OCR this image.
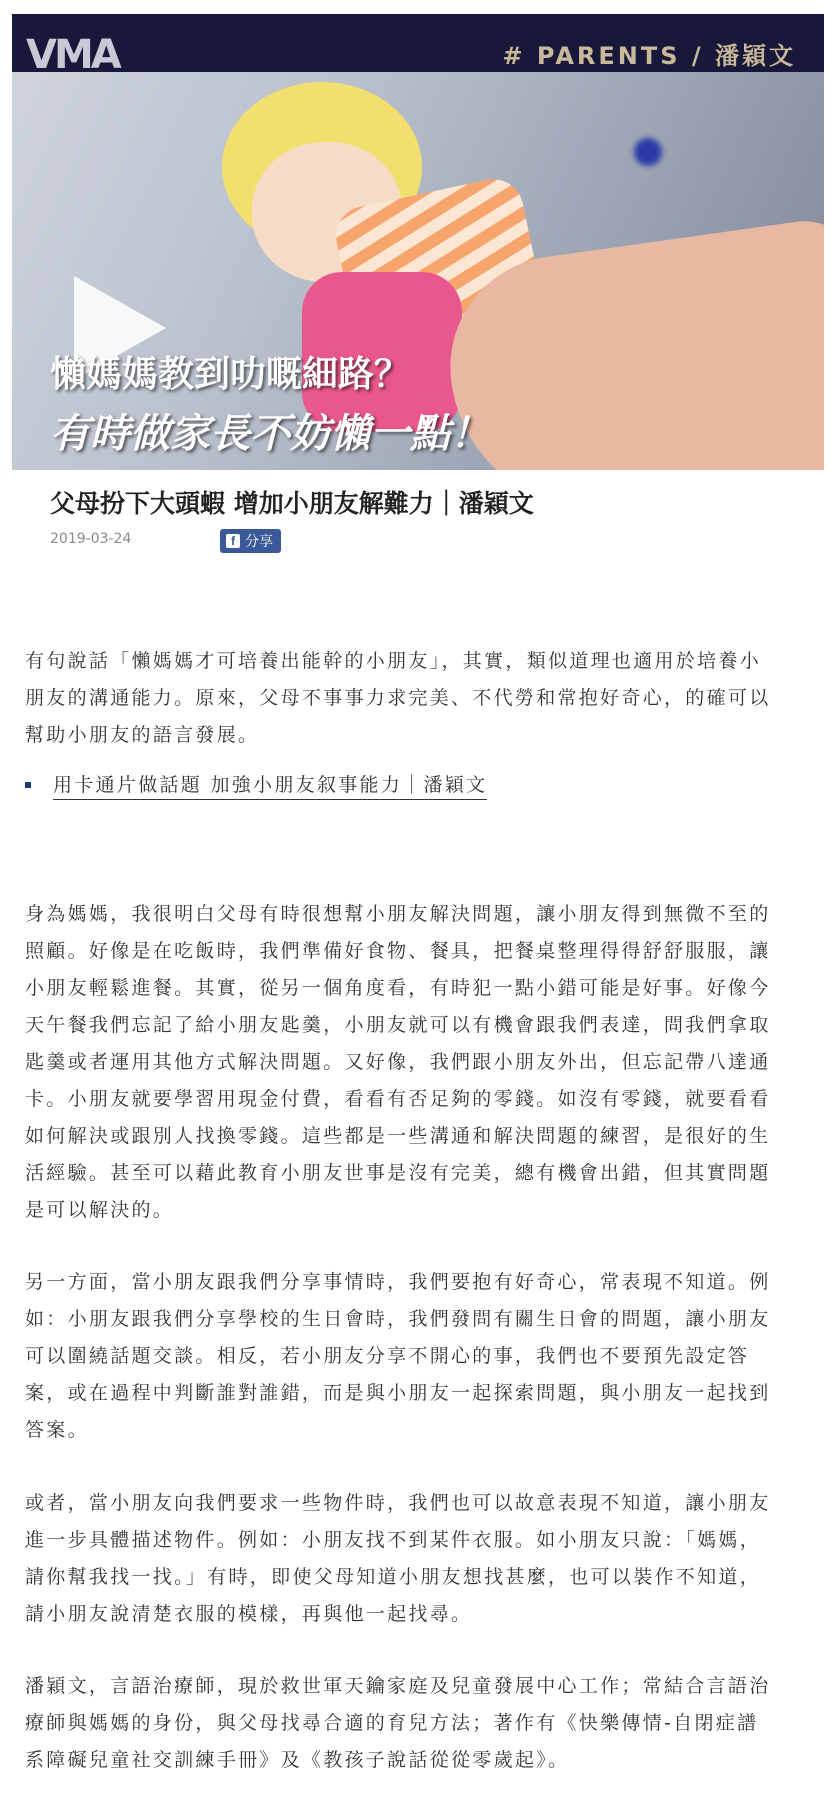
VMA	# PARENTS / 潘穎文
懶媽媽教到叻嘅細路？
有時做家長不妨懶一點！
父母扮下大頭蝦 增加小朋友解難力｜潘穎文
2019-03-24	f 分享
有句說話「懶媽媽才可培養出能幹的小朋友」，其實，類似道理也適用於培養小朋友的溝通能力。原來，父母不事事力求完美、不代勞和常抱好奇心，的確可以幫助小朋友的語言發展。
用卡通片做話題 加強小朋友叙事能力｜潘穎文
身為媽媽，我很明白父母有時很想幫小朋友解決問題，讓小朋友得到無微不至的照顧。好像是在吃飯時，我們準備好食物、餐具，把餐桌整理得得舒舒服服，讓小朋友輕鬆進餐。其實，從另一個角度看，有時犯一點小錯可能是好事。好像今天午餐我們忘記了給小朋友匙羹，小朋友就可以有機會跟我們表達，問我們拿取匙羹或者運用其他方式解決問題。又好像，我們跟小朋友外出，但忘記帶八達通卡。小朋友就要學習用現金付費，看看有否足夠的零錢。如沒有零錢，就要看看如何解決或跟別人找換零錢。這些都是一些溝通和解決問題的練習，是很好的生活經驗。甚至可以藉此教育小朋友世事是沒有完美，總有機會出錯，但其實問題是可以解決的。
另一方面，當小朋友跟我們分享事情時，我們要抱有好奇心，常表現不知道。例如：小朋友跟我們分享學校的生日會時，我們發問有關生日會的問題，讓小朋友可以圍繞話題交談。相反，若小朋友分享不開心的事，我們也不要預先設定答案，或在過程中判斷誰對誰錯，而是與小朋友一起探索問題，與小朋友一起找到答案。
或者，當小朋友向我們要求一些物件時，我們也可以故意表現不知道，讓小朋友進一步具體描述物件。例如：小朋友找不到某件衣服。如小朋友只說：「媽媽，請你幫我找一找。」有時，即使父母知道小朋友想找甚麼，也可以裝作不知道，請小朋友說清楚衣服的模樣，再與他一起找尋。
潘穎文，言語治療師，現於救世軍天鑰家庭及兒童發展中心工作；常結合言語治療師與媽媽的身份，與父母找尋合適的育兒方法；著作有《快樂傳情-自閉症譜系障礙兒童社交訓練手冊》及《教孩子說話從從零歲起》。
